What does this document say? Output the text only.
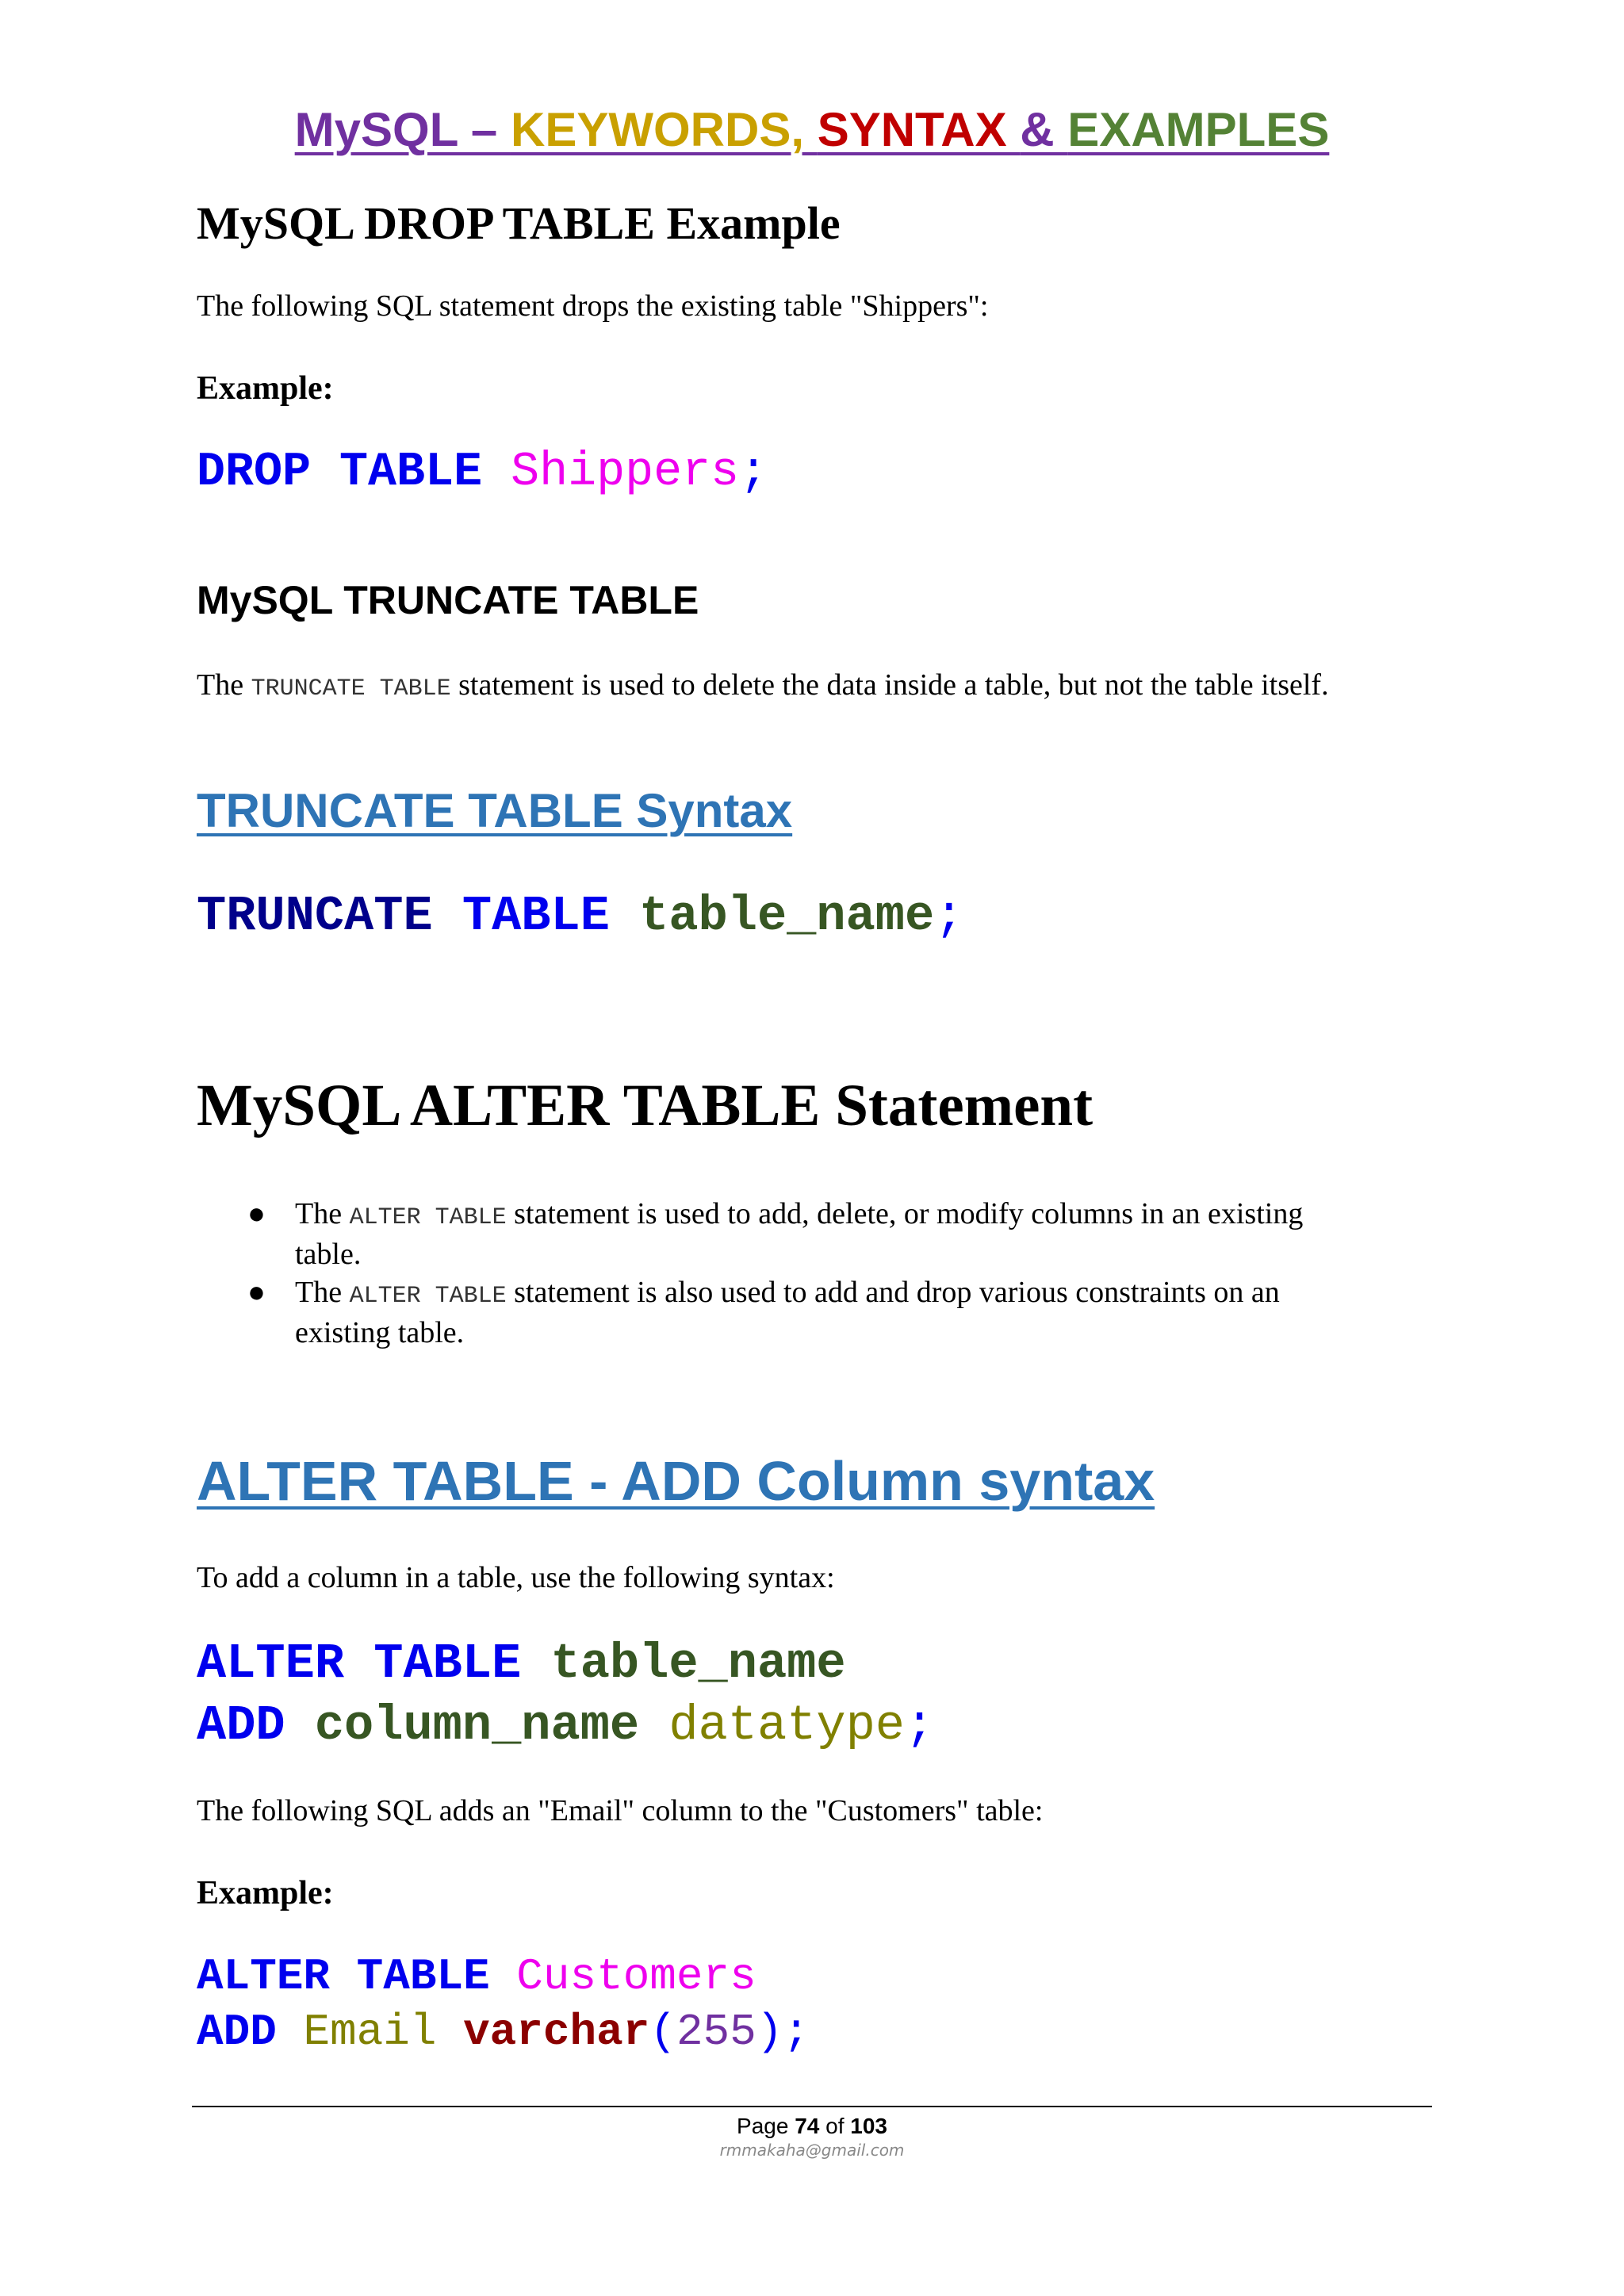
MySQL – KEYWORDS, SYNTAX & EXAMPLES
MySQL DROP TABLE Example
The following SQL statement drops the existing table "Shippers":
Example:
DROP TABLE Shippers;
MySQL TRUNCATE TABLE
The TRUNCATE TABLE statement is used to delete the data inside a table, but not the table itself.
TRUNCATE TABLE Syntax
TRUNCATE TABLE table_name;
MySQL ALTER TABLE Statement
● The ALTER TABLE statement is used to add, delete, or modify columns in an existing
table.
● The ALTER TABLE statement is also used to add and drop various constraints on an
existing table.
ALTER TABLE - ADD Column syntax
To add a column in a table, use the following syntax:
ALTER TABLE table_name
ADD column_name datatype;
The following SQL adds an "Email" column to the "Customers" table:
Example:
ALTER TABLE Customers
ADD Email varchar(255);
Page 74 of 103
rmmakaha@gmail.com
